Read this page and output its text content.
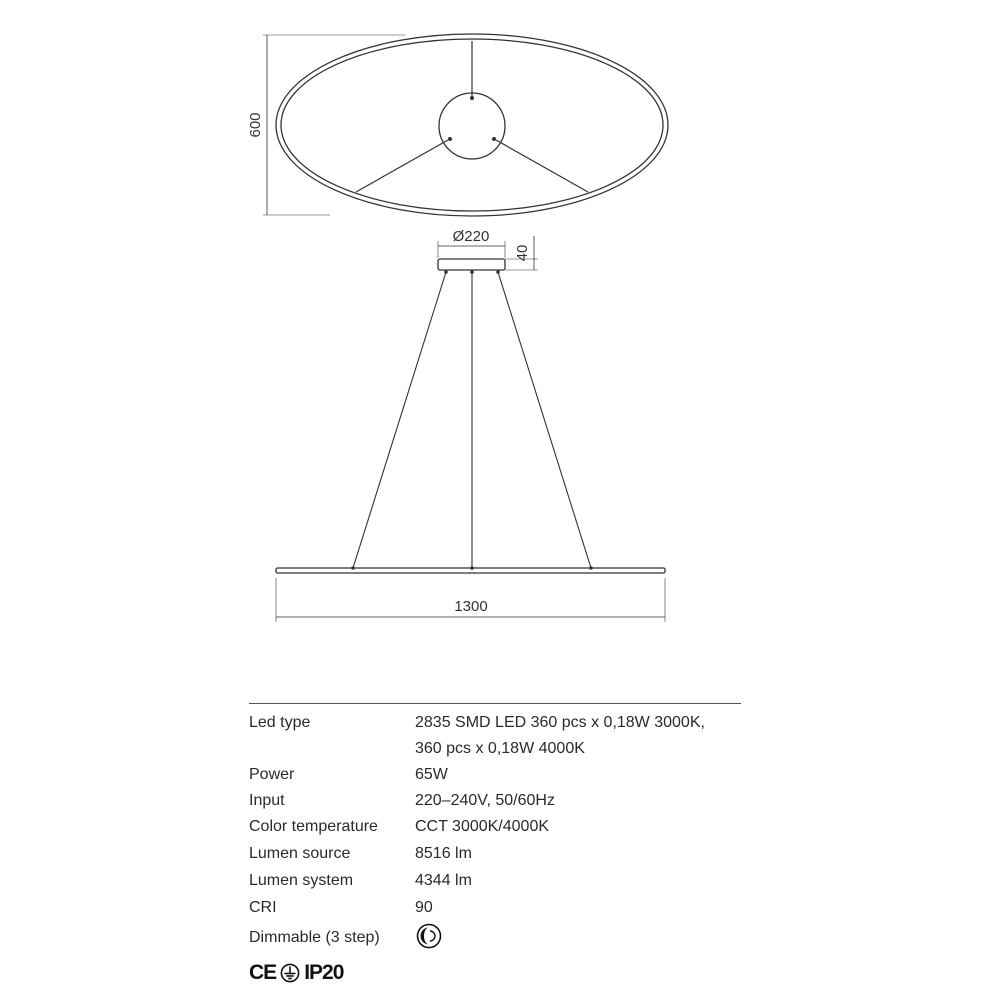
600
Ø220
40
1300
Led type	2835 SMD LED 360 pcs x 0,18W 3000K,
360 pcs x 0,18W 4000K
Power	65W
Input	220–240V, 50/60Hz
Color temperature	CCT 3000K/4000K
Lumen source	8516 lm
Lumen system	4344 lm
CRI	90
Dimmable (3 step)
CE IP20
